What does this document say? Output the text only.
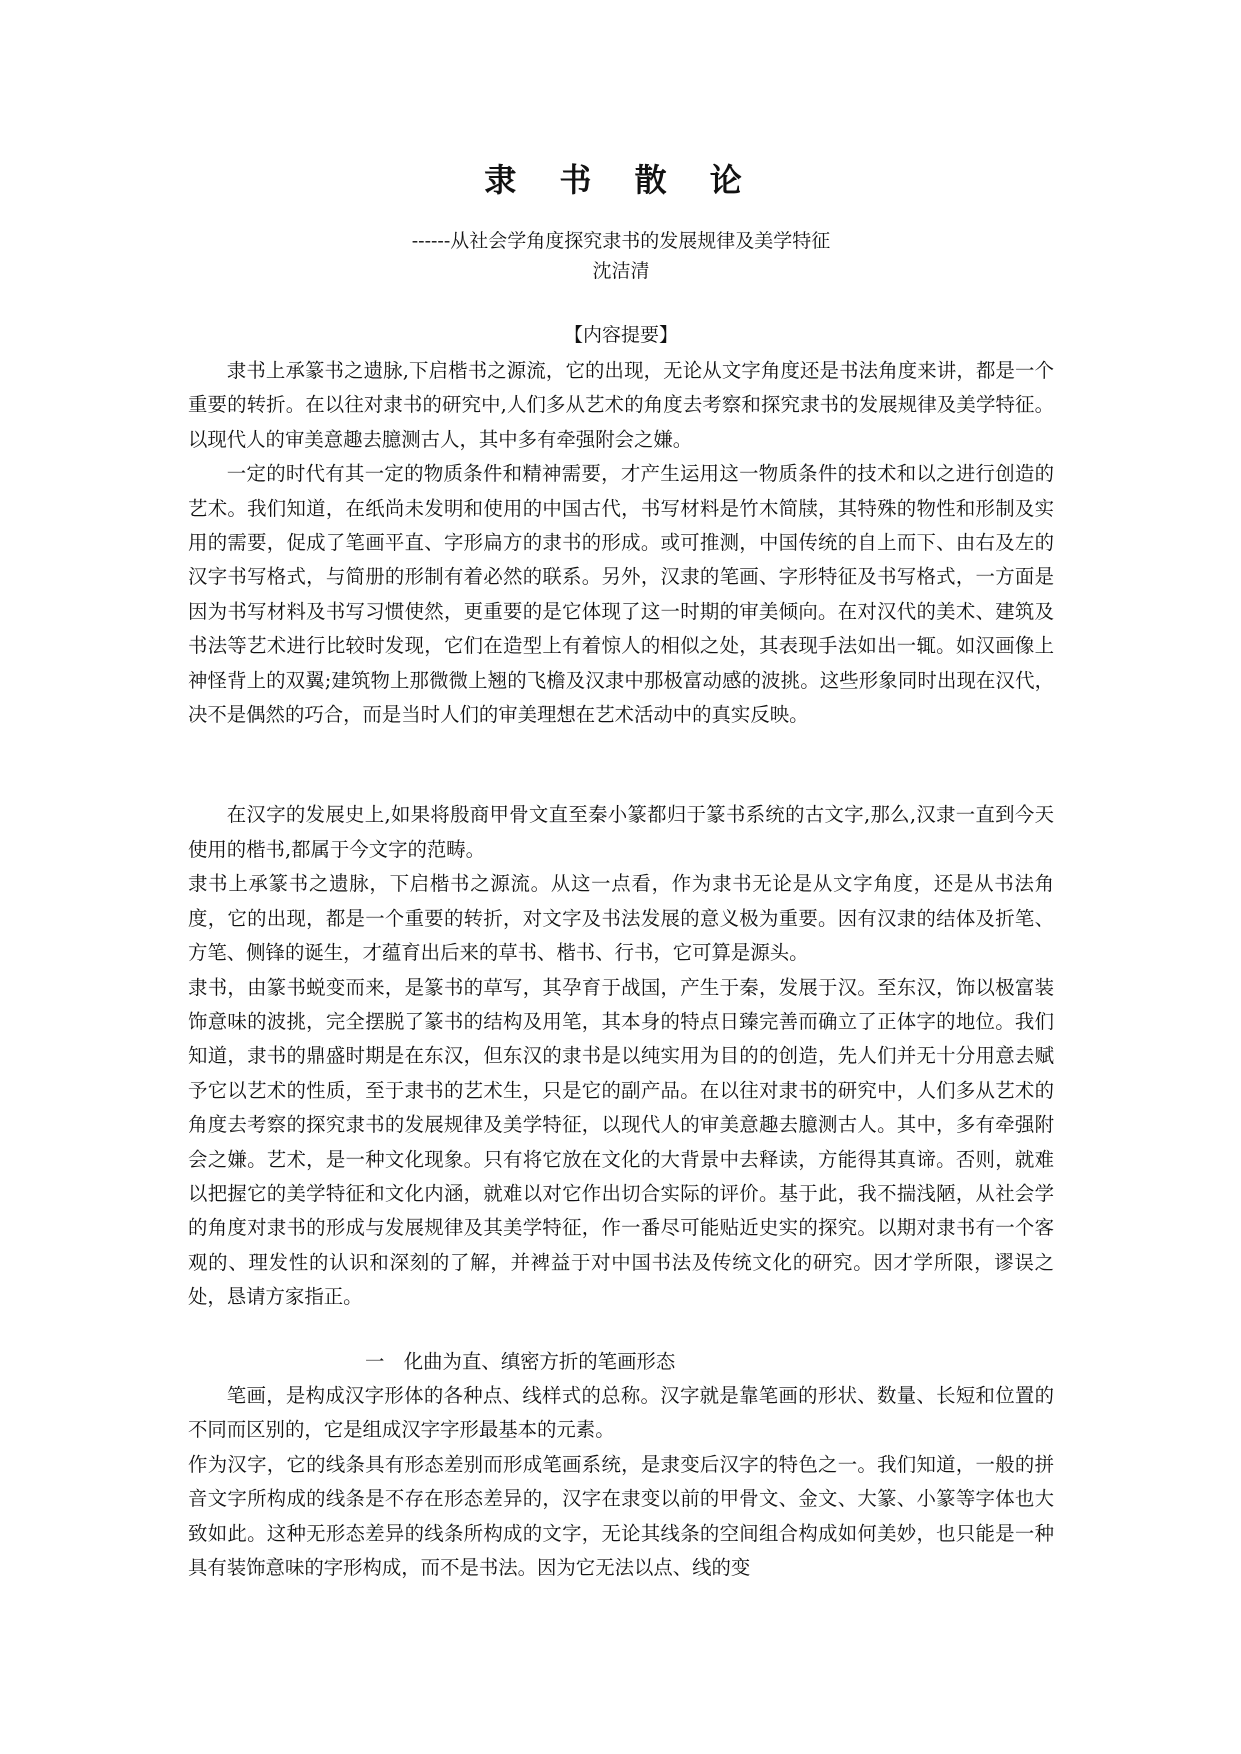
隶 书 散 论
------从社会学角度探究隶书的发展规律及美学特征
沈洁清
【内容提要】

隶书上承篆书之遗脉,下启楷书之源流，它的出现，无论从文字角度还是书法角度来讲，都是一个重要的转折。在以往对隶书的研究中,人们多从艺术的角度去考察和探究隶书的发展规律及美学特征。以现代人的审美意趣去臆测古人，其中多有牵强附会之嫌。

一定的时代有其一定的物质条件和精神需要，才产生运用这一物质条件的技术和以之进行创造的艺术。我们知道，在纸尚未发明和使用的中国古代，书写材料是竹木简牍，其特殊的物性和形制及实用的需要，促成了笔画平直、字形扁方的隶书的形成。或可推测，中国传统的自上而下、由右及左的汉字书写格式，与简册的形制有着必然的联系。另外，汉隶的笔画、字形特征及书写格式，一方面是因为书写材料及书写习惯使然，更重要的是它体现了这一时期的审美倾向。在对汉代的美术、建筑及书法等艺术进行比较时发现，它们在造型上有着惊人的相似之处，其表现手法如出一辄。如汉画像上神怪背上的双翼;建筑物上那微微上翘的飞檐及汉隶中那极富动感的波挑。这些形象同时出现在汉代，决不是偶然的巧合，而是当时人们的审美理想在艺术活动中的真实反映。

在汉字的发展史上,如果将殷商甲骨文直至秦小篆都归于篆书系统的古文字,那么,汉隶一直到今天使用的楷书,都属于今文字的范畴。

隶书上承篆书之遗脉，下启楷书之源流。从这一点看，作为隶书无论是从文字角度，还是从书法角度，它的出现，都是一个重要的转折，对文字及书法发展的意义极为重要。因有汉隶的结体及折笔、方笔、侧锋的诞生，才蕴育出后来的草书、楷书、行书，它可算是源头。

隶书，由篆书蜕变而来，是篆书的草写，其孕育于战国，产生于秦，发展于汉。至东汉，饰以极富装饰意味的波挑，完全摆脱了篆书的结构及用笔，其本身的特点日臻完善而确立了正体字的地位。我们知道，隶书的鼎盛时期是在东汉，但东汉的隶书是以纯实用为目的的创造，先人们并无十分用意去赋予它以艺术的性质，至于隶书的艺术生，只是它的副产品。在以往对隶书的研究中，人们多从艺术的角度去考察的探究隶书的发展规律及美学特征，以现代人的审美意趣去臆测古人。其中，多有牵强附会之嫌。艺术，是一种文化现象。只有将它放在文化的大背景中去释读，方能得其真谛。否则，就难以把握它的美学特征和文化内涵，就难以对它作出切合实际的评价。基于此，我不揣浅陋，从社会学的角度对隶书的形成与发展规律及其美学特征，作一番尽可能贴近史实的探究。以期对隶书有一个客观的、理发性的认识和深刻的了解，并裨益于对中国书法及传统文化的研究。因才学所限，谬误之处，恳请方家指正。

一　化曲为直、缜密方折的笔画形态

笔画，是构成汉字形体的各种点、线样式的总称。汉字就是靠笔画的形状、数量、长短和位置的不同而区别的，它是组成汉字字形最基本的元素。

作为汉字，它的线条具有形态差别而形成笔画系统，是隶变后汉字的特色之一。我们知道，一般的拼音文字所构成的线条是不存在形态差异的，汉字在隶变以前的甲骨文、金文、大篆、小篆等字体也大致如此。这种无形态差异的线条所构成的文字，无论其线条的空间组合构成如何美妙，也只能是一种具有装饰意味的字形构成，而不是书法。因为它无法以点、线的变
